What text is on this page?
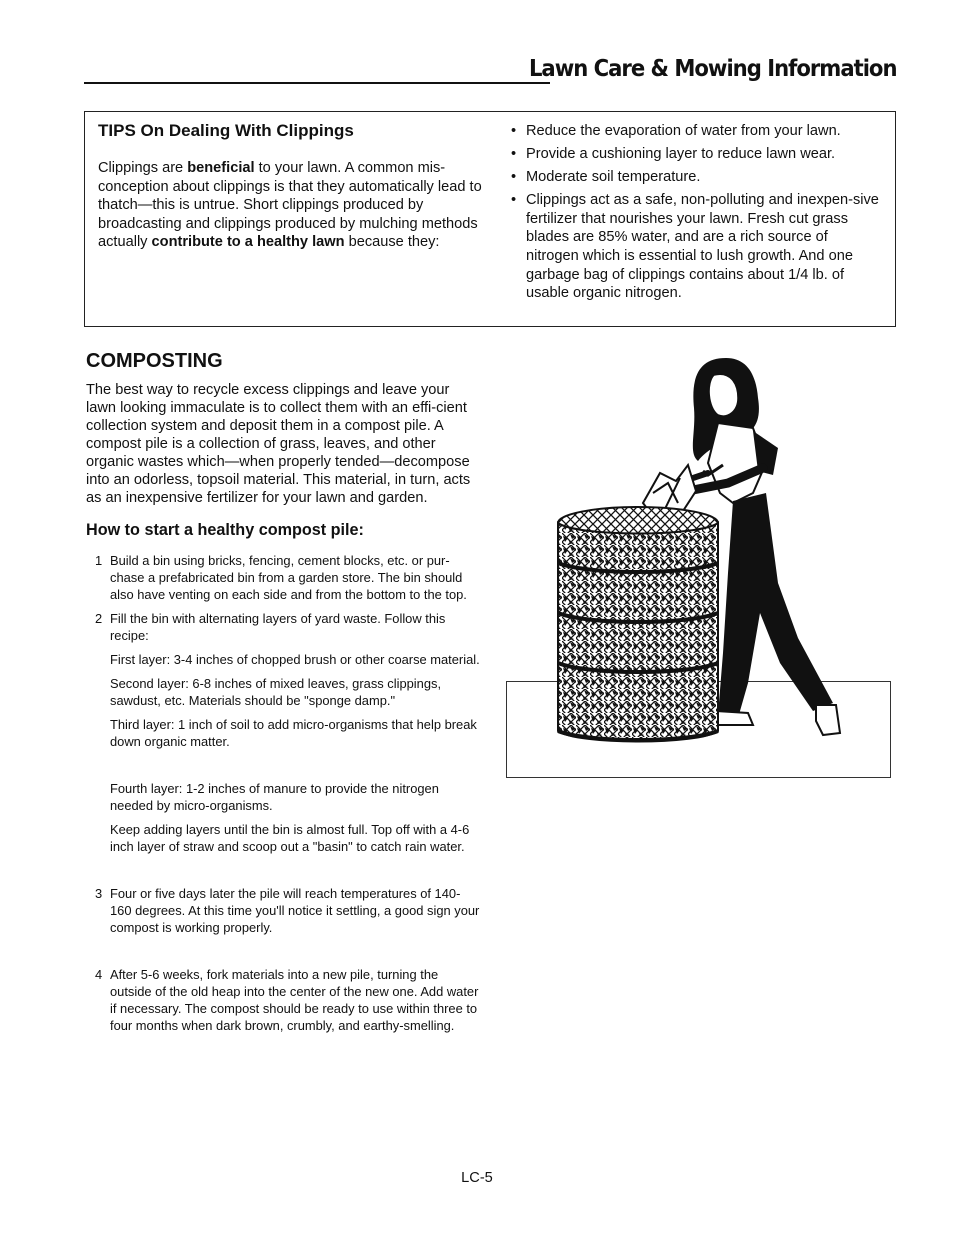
Lawn Care & Mowing Information
TIPS On Dealing With Clippings

Clippings are beneficial to your lawn. A common mis-conception about clippings is that they automatically lead to thatch—this is untrue. Short clippings produced by broadcasting and clippings produced by mulching methods actually contribute to a healthy lawn because they:

• Reduce the evaporation of water from your lawn.
• Provide a cushioning layer to reduce lawn wear.
• Moderate soil temperature.
• Clippings act as a safe, non-polluting and inexpen-sive fertilizer that nourishes your lawn. Fresh cut grass blades are 85% water, and are a rich source of nitrogen which is essential to lush growth. And one garbage bag of clippings contains about 1/4 lb. of usable organic nitrogen.
COMPOSTING

The best way to recycle excess clippings and leave your lawn looking immaculate is to collect them with an effi-cient collection system and deposit them in a compost pile. A compost pile is a collection of grass, leaves, and other organic wastes which—when properly tended—decompose into an odorless, topsoil material. This material, in turn, acts as an inexpensive fertilizer for your lawn and garden.

How to start a healthy compost pile:
1 Build a bin using bricks, fencing, cement blocks, etc. or pur-chase a prefabricated bin from a garden store. The bin should also have venting on each side and from the bottom to the top.
2 Fill the bin with alternating layers of yard waste. Follow this recipe:
First layer: 3-4 inches of chopped brush or other coarse material.
Second layer: 6-8 inches of mixed leaves, grass clippings, sawdust, etc. Materials should be "sponge damp."
Third layer: 1 inch of soil to add micro-organisms that help break down organic matter.
Fourth layer: 1-2 inches of manure to provide the nitrogen needed by micro-organisms.
Keep adding layers until the bin is almost full. Top off with a 4-6 inch layer of straw and scoop out a "basin" to catch rain water.
3 Four or five days later the pile will reach temperatures of 140-160 degrees. At this time you'll notice it settling, a good sign your compost is working properly.
4 After 5-6 weeks, fork materials into a new pile, turning the outside of the old heap into the center of the new one. Add water if necessary. The compost should be ready to use within three to four months when dark brown, crumbly, and earthy-smelling.
LC-5
